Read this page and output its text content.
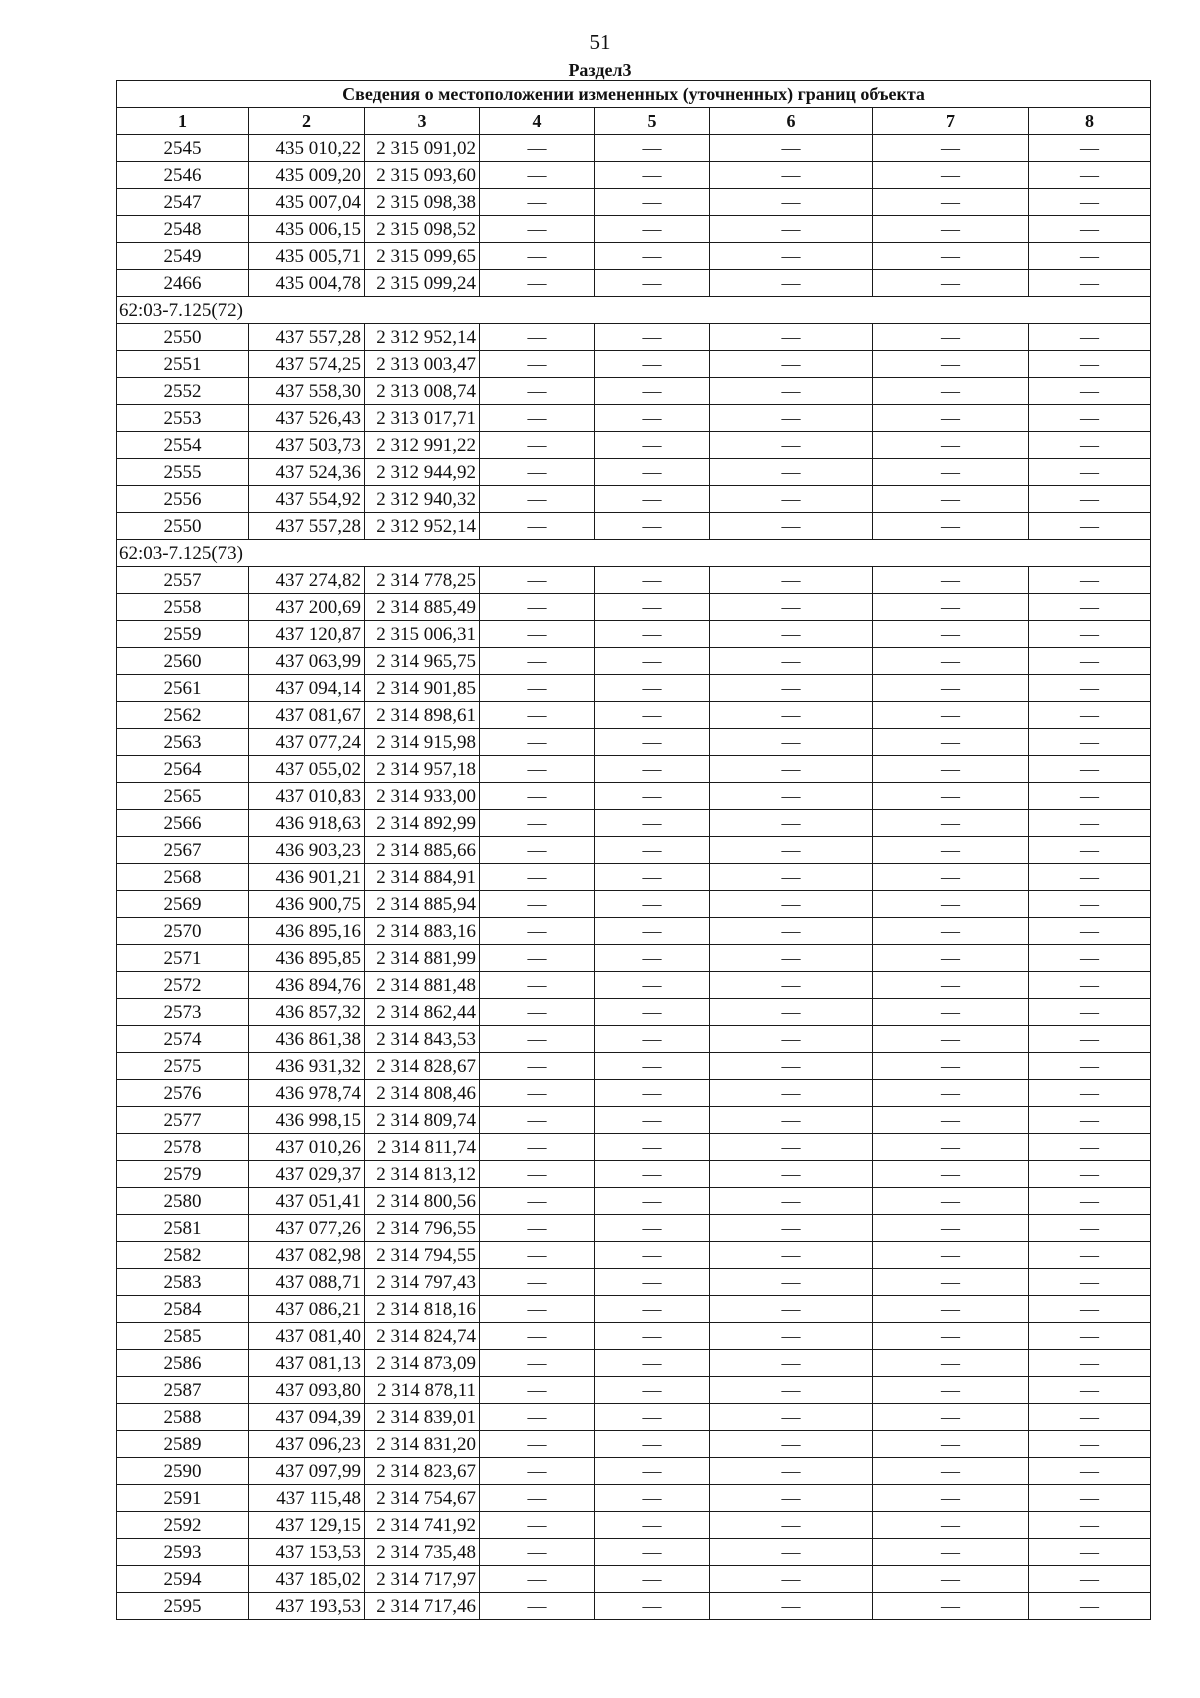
51
Раздел3
Сведения о местоположении измененных (уточненных) границ объекта							
1	2	3	4	5	6	7	8
2545	435 010,22	2 315 091,02	—	—	—	—	—
2546	435 009,20	2 315 093,60	—	—	—	—	—
2547	435 007,04	2 315 098,38	—	—	—	—	—
2548	435 006,15	2 315 098,52	—	—	—	—	—
2549	435 005,71	2 315 099,65	—	—	—	—	—
2466	435 004,78	2 315 099,24	—	—	—	—	—
62:03-7.125(72)							
2550	437 557,28	2 312 952,14	—	—	—	—	—
2551	437 574,25	2 313 003,47	—	—	—	—	—
2552	437 558,30	2 313 008,74	—	—	—	—	—
2553	437 526,43	2 313 017,71	—	—	—	—	—
2554	437 503,73	2 312 991,22	—	—	—	—	—
2555	437 524,36	2 312 944,92	—	—	—	—	—
2556	437 554,92	2 312 940,32	—	—	—	—	—
2550	437 557,28	2 312 952,14	—	—	—	—	—
62:03-7.125(73)							
2557	437 274,82	2 314 778,25	—	—	—	—	—
2558	437 200,69	2 314 885,49	—	—	—	—	—
2559	437 120,87	2 315 006,31	—	—	—	—	—
2560	437 063,99	2 314 965,75	—	—	—	—	—
2561	437 094,14	2 314 901,85	—	—	—	—	—
2562	437 081,67	2 314 898,61	—	—	—	—	—
2563	437 077,24	2 314 915,98	—	—	—	—	—
2564	437 055,02	2 314 957,18	—	—	—	—	—
2565	437 010,83	2 314 933,00	—	—	—	—	—
2566	436 918,63	2 314 892,99	—	—	—	—	—
2567	436 903,23	2 314 885,66	—	—	—	—	—
2568	436 901,21	2 314 884,91	—	—	—	—	—
2569	436 900,75	2 314 885,94	—	—	—	—	—
2570	436 895,16	2 314 883,16	—	—	—	—	—
2571	436 895,85	2 314 881,99	—	—	—	—	—
2572	436 894,76	2 314 881,48	—	—	—	—	—
2573	436 857,32	2 314 862,44	—	—	—	—	—
2574	436 861,38	2 314 843,53	—	—	—	—	—
2575	436 931,32	2 314 828,67	—	—	—	—	—
2576	436 978,74	2 314 808,46	—	—	—	—	—
2577	436 998,15	2 314 809,74	—	—	—	—	—
2578	437 010,26	2 314 811,74	—	—	—	—	—
2579	437 029,37	2 314 813,12	—	—	—	—	—
2580	437 051,41	2 314 800,56	—	—	—	—	—
2581	437 077,26	2 314 796,55	—	—	—	—	—
2582	437 082,98	2 314 794,55	—	—	—	—	—
2583	437 088,71	2 314 797,43	—	—	—	—	—
2584	437 086,21	2 314 818,16	—	—	—	—	—
2585	437 081,40	2 314 824,74	—	—	—	—	—
2586	437 081,13	2 314 873,09	—	—	—	—	—
2587	437 093,80	2 314 878,11	—	—	—	—	—
2588	437 094,39	2 314 839,01	—	—	—	—	—
2589	437 096,23	2 314 831,20	—	—	—	—	—
2590	437 097,99	2 314 823,67	—	—	—	—	—
2591	437 115,48	2 314 754,67	—	—	—	—	—
2592	437 129,15	2 314 741,92	—	—	—	—	—
2593	437 153,53	2 314 735,48	—	—	—	—	—
2594	437 185,02	2 314 717,97	—	—	—	—	—
2595	437 193,53	2 314 717,46	—	—	—	—	—
